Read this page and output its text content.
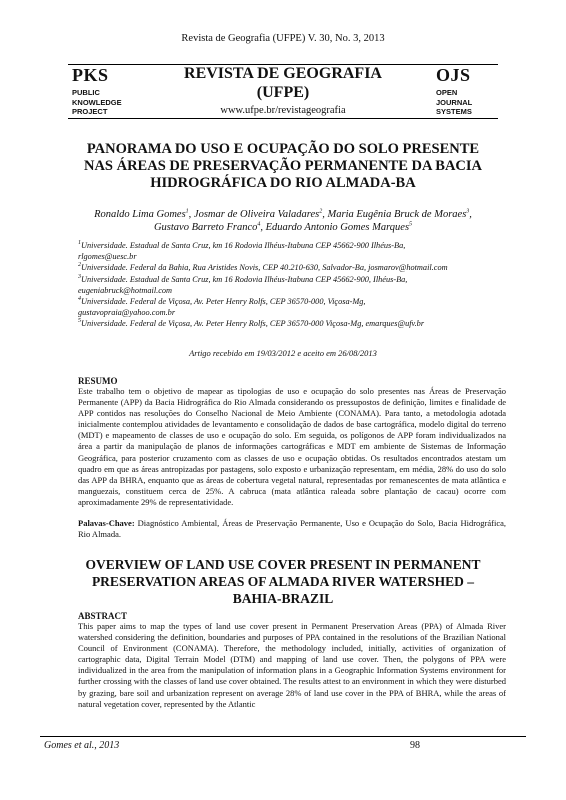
Revista de Geografia (UFPE) V. 30, No. 3, 2013
PKS
PUBLIC
KNOWLEDGE
PROJECT
REVISTA DE GEOGRAFIA
(UFPE)
www.ufpe.br/revistageografia
OJS
OPEN
JOURNAL
SYSTEMS
PANORAMA DO USO E OCUPAÇÃO DO SOLO PRESENTE
NAS ÁREAS DE PRESERVAÇÃO PERMANENTE DA BACIA
HIDROGRÁFICA DO RIO ALMADA-BA
Ronaldo Lima Gomes$^1$, Josmar de Oliveira Valadares$^2$, Maria Eugênia Bruck de Moraes$^3$,
Gustavo Barreto Franco$^4$, Eduardo Antonio Gomes Marques$^5$
$^1$Universidade. Estadual de Santa Cruz, km 16 Rodovia Ilhéus-Itabuna CEP 45662-900 Ilhéus-Ba,
rlgomes@uesc.br
$^2$Universidade. Federal da Bahia, Rua Aristides Novis, CEP 40.210-630, Salvador-Ba, josmarov@hotmail.com
$^3$Universidade. Estadual de Santa Cruz, km 16 Rodovia Ilhéus-Itabuna CEP 45662-900, Ilhéus-Ba,
eugeniabruck@hotmail.com
$^4$Universidade. Federal de Viçosa, Av. Peter Henry Rolfs, CEP 36570-000, Viçosa-Mg,
gustavopraia@yahoo.com.br
$^5$Universidade. Federal de Viçosa, Av. Peter Henry Rolfs, CEP 36570-000 Viçosa-Mg, emarques@ufv.br
Artigo recebido em 19/03/2012 e aceito em 26/08/2013
RESUMO
Este trabalho tem o objetivo de mapear as tipologias de uso e ocupação do solo presentes nas Áreas de Preservação Permanente (APP) da Bacia Hidrográfica do Rio Almada considerando os pressupostos de definição, limites e finalidade de APP contidos nas resoluções do Conselho Nacional de Meio Ambiente (CONAMA). Para tanto, a metodologia adotada inicialmente contemplou atividades de levantamento e consolidação de dados de base cartográfica, modelo digital do terreno (MDT) e mapeamento de classes de uso e ocupação do solo. Em seguida, os polígonos de APP foram individualizados na área a partir da manipulação de planos de informações cartográficas e MDT em ambiente de Sistemas de Informação Geográfica, para posterior cruzamento com as classes de uso e ocupação obtidas. Os resultados encontrados atestam um quadro em que as áreas antropizadas por pastagens, solo exposto e urbanização representam, em média, 28% do uso do solo das APP da BHRA, enquanto que as áreas de cobertura vegetal natural, representadas por remanescentes de mata atlântica e manguezais, constituem cerca de 25%. A cabruca (mata atlântica raleada sobre plantação de cacau) ocorre com aproximadamente 29% de representatividade.
Palavas-Chave: Diagnóstico Ambiental, Áreas de Preservação Permanente, Uso e Ocupação do Solo, Bacia Hidrográfica, Rio Almada.
OVERVIEW OF LAND USE COVER PRESENT IN PERMANENT
PRESERVATION AREAS OF ALMADA RIVER WATERSHED –
BAHIA-BRAZIL
ABSTRACT
This paper aims to map the types of land use cover present in Permanent Preservation Areas (PPA) of Almada River watershed considering the definition, boundaries and purposes of PPA contained in the resolutions of the Brazilian National Council of Environment (CONAMA). Therefore, the methodology included, initially, activities of organization of cartographic data, Digital Terrain Model (DTM) and mapping of land use cover. Then, the polygons of PPA were individualized in the area from the manipulation of information plans in a Geographic Information Systems environment for further crossing with the classes of land use cover obtained. The results attest to an environment in which they were disturbed by grazing, bare soil and urbanization represent on average 28% of land use cover in the PPA of BHRA, while the areas of natural vegetation cover, represented by the Atlantic
Gomes et al., 2013	98
